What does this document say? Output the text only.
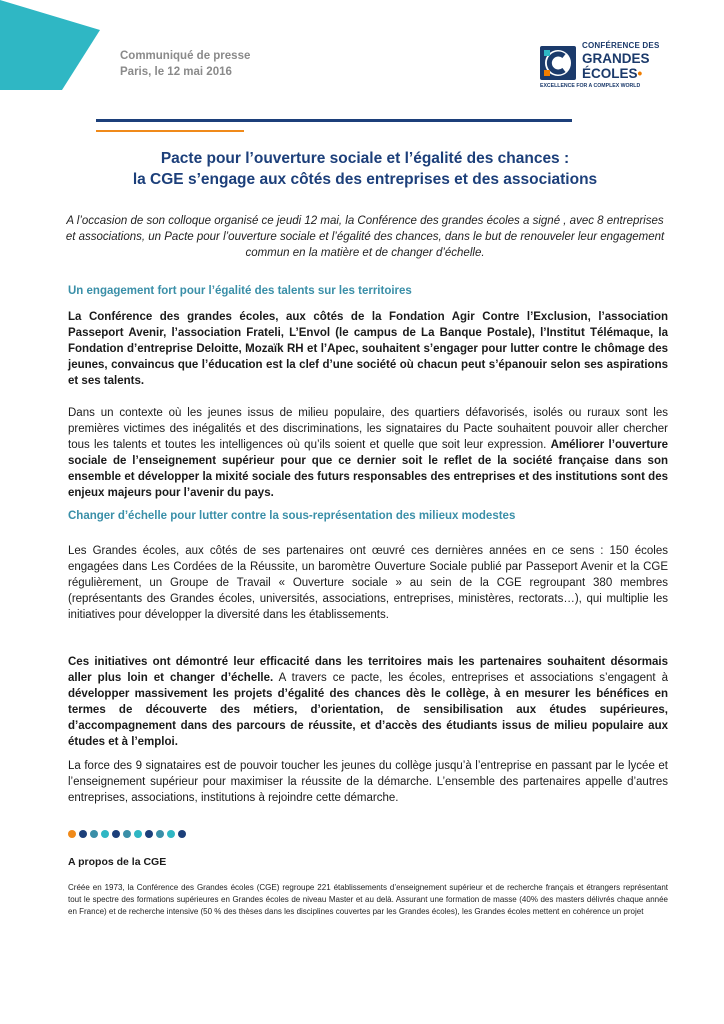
Communiqué de presse
Paris, le 12 mai 2016
CONFÉRENCE DES
GRANDES
ÉCOLES•
EXCELLENCE FOR A COMPLEX WORLD
Pacte pour l’ouverture sociale et l’égalité des chances :
la CGE s’engage aux côtés des entreprises et des associations
A l’occasion de son colloque organisé ce jeudi 12 mai, la Conférence des grandes écoles a signé , avec 8 entreprises et associations, un Pacte pour l’ouverture sociale et l’égalité des chances, dans le but de renouveler leur engagement commun en la matière et de changer d’échelle.
Un engagement fort pour l’égalité des talents sur les territoires
La Conférence des grandes écoles, aux côtés de la Fondation Agir Contre l’Exclusion, l’association Passeport Avenir, l’association Frateli, L’Envol (le campus de La Banque Postale), l’Institut Télémaque, la Fondation d’entreprise Deloitte, Mozaïk RH et l’Apec, souhaitent s’engager pour lutter contre le chômage des jeunes, convaincus que l’éducation est la clef d’une société où chacun peut s’épanouir selon ses aspirations et ses talents.
Dans un contexte où les jeunes issus de milieu populaire, des quartiers défavorisés, isolés ou ruraux sont les premières victimes des inégalités et des discriminations, les signataires du Pacte souhaitent pouvoir aller chercher tous les talents et toutes les intelligences où qu’ils soient et quelle que soit leur expression. Améliorer l’ouverture sociale de l’enseignement supérieur pour que ce dernier soit le reflet de la société française dans son ensemble et développer la mixité sociale des futurs responsables des entreprises et des institutions sont des enjeux majeurs pour l’avenir du pays.
Changer d’échelle pour lutter contre la sous-représentation des milieux modestes
Les Grandes écoles, aux côtés de ses partenaires ont œuvré ces dernières années en ce sens : 150 écoles engagées dans Les Cordées de la Réussite, un baromètre Ouverture Sociale publié par Passeport Avenir et la CGE régulièrement, un Groupe de Travail « Ouverture sociale » au sein de la CGE regroupant 380 membres (représentants des Grandes écoles, universités, associations, entreprises, ministères, rectorats…), qui multiplie les initiatives pour développer la diversité dans les établissements.
Ces initiatives ont démontré leur efficacité dans les territoires mais les partenaires souhaitent désormais aller plus loin et changer d’échelle. A travers ce pacte, les écoles, entreprises et associations s’engagent à développer massivement les projets d’égalité des chances dès le collège, à en mesurer les bénéfices en termes de découverte des métiers, d’orientation, de sensibilisation aux études supérieures, d’accompagnement dans des parcours de réussite, et d’accès des étudiants issus de milieu populaire aux études et à l’emploi.
La force des 9 signataires est de pouvoir toucher les jeunes du collège jusqu’à l’entreprise en passant par le lycée et l’enseignement supérieur pour maximiser la réussite de la démarche. L’ensemble des partenaires appelle d’autres entreprises, associations, institutions à rejoindre cette démarche.
A propos de la CGE
Créée en 1973, la Conférence des Grandes écoles (CGE) regroupe 221 établissements d’enseignement supérieur et de recherche français et étrangers représentant tout le spectre des formations supérieures en Grandes écoles de niveau Master et au delà. Assurant une formation de masse (40% des masters délivrés chaque année en France) et de recherche intensive (50 % des thèses dans les disciplines couvertes par les Grandes écoles), les Grandes écoles mettent en cohérence un projet
